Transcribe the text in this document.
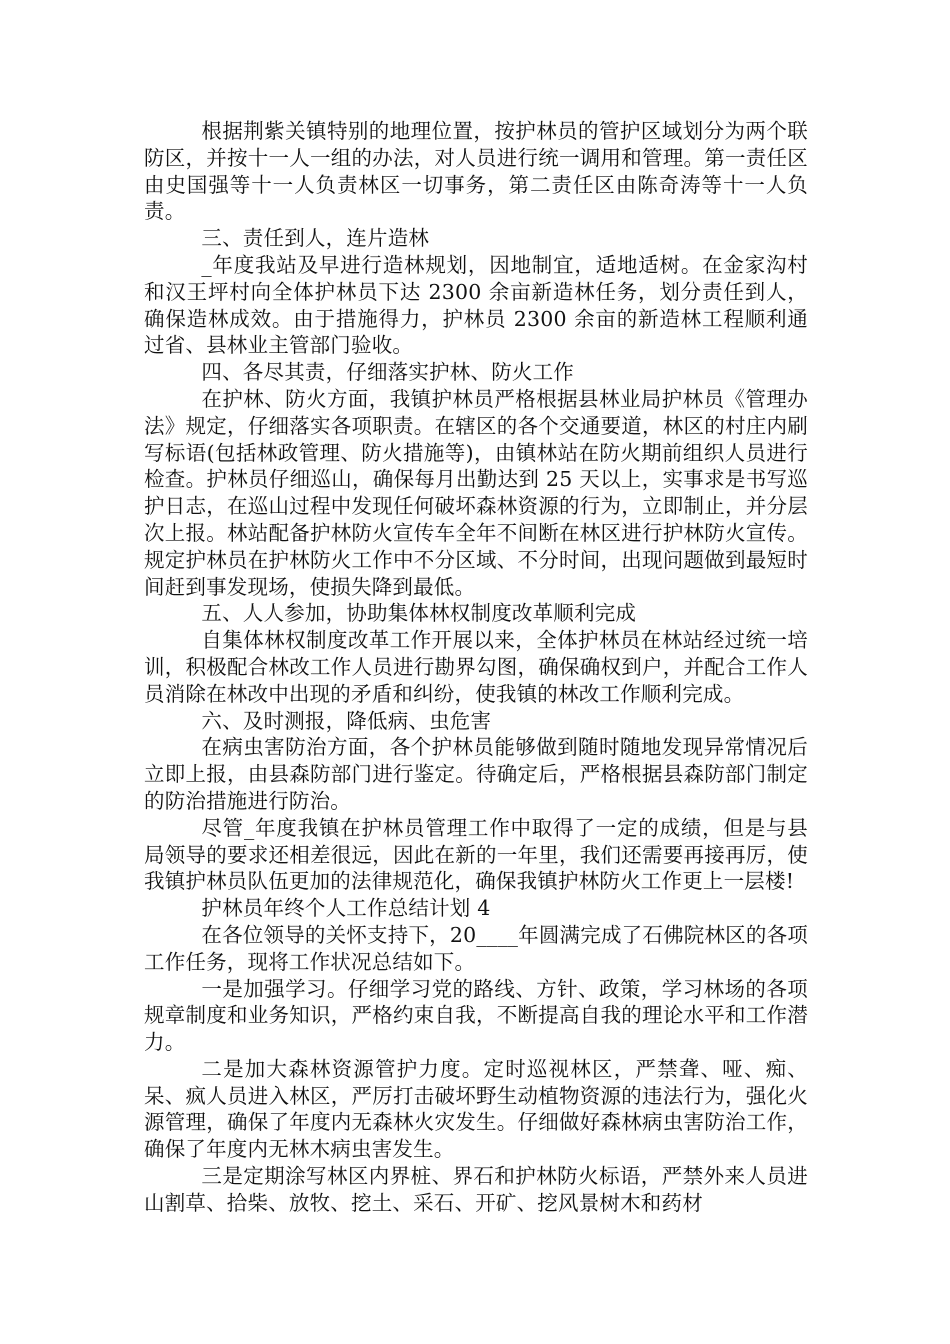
根据荆紫关镇特别的地理位置，按护林员的管护区域划分为两个联防区，并按十一人一组的办法，对人员进行统一调用和管理。第一责任区由史国强等十一人负责林区一切事务，第二责任区由陈奇涛等十一人负责。

三、责任到人，连片造林

_年度我站及早进行造林规划，因地制宜，适地适树。在金家沟村和汉王坪村向全体护林员下达 2300 余亩新造林任务，划分责任到人，确保造林成效。由于措施得力，护林员 2300 余亩的新造林工程顺利通过省、县林业主管部门验收。

四、各尽其责，仔细落实护林、防火工作

在护林、防火方面，我镇护林员严格根据县林业局护林员《管理办法》规定，仔细落实各项职责。在辖区的各个交通要道，林区的村庄内刷写标语(包括林政管理、防火措施等)，由镇林站在防火期前组织人员进行检查。护林员仔细巡山，确保每月出勤达到 25 天以上，实事求是书写巡护日志，在巡山过程中发现任何破坏森林资源的行为，立即制止，并分层次上报。林站配备护林防火宣传车全年不间断在林区进行护林防火宣传。规定护林员在护林防火工作中不分区域、不分时间，出现问题做到最短时间赶到事发现场，使损失降到最低。

五、人人参加，协助集体林权制度改革顺利完成

自集体林权制度改革工作开展以来，全体护林员在林站经过统一培训，积极配合林改工作人员进行勘界勾图，确保确权到户，并配合工作人员消除在林改中出现的矛盾和纠纷，使我镇的林改工作顺利完成。

六、及时测报，降低病、虫危害

在病虫害防治方面，各个护林员能够做到随时随地发现异常情况后立即上报，由县森防部门进行鉴定。待确定后，严格根据县森防部门制定的防治措施进行防治。

尽管_年度我镇在护林员管理工作中取得了一定的成绩，但是与县局领导的要求还相差很远，因此在新的一年里，我们还需要再接再厉，使我镇护林员队伍更加的法律规范化，确保我镇护林防火工作更上一层楼!

护林员年终个人工作总结计划 4

在各位领导的关怀支持下，20____年圆满完成了石佛院林区的各项工作任务，现将工作状况总结如下。

一是加强学习。仔细学习党的路线、方针、政策，学习林场的各项规章制度和业务知识，严格约束自我，不断提高自我的理论水平和工作潜力。

二是加大森林资源管护力度。定时巡视林区，严禁聋、哑、痴、呆、疯人员进入林区，严厉打击破坏野生动植物资源的违法行为，强化火源管理，确保了年度内无森林火灾发生。仔细做好森林病虫害防治工作，确保了年度内无林木病虫害发生。

三是定期涂写林区内界桩、界石和护林防火标语，严禁外来人员进山割草、拾柴、放牧、挖土、采石、开矿、挖风景树木和药材
